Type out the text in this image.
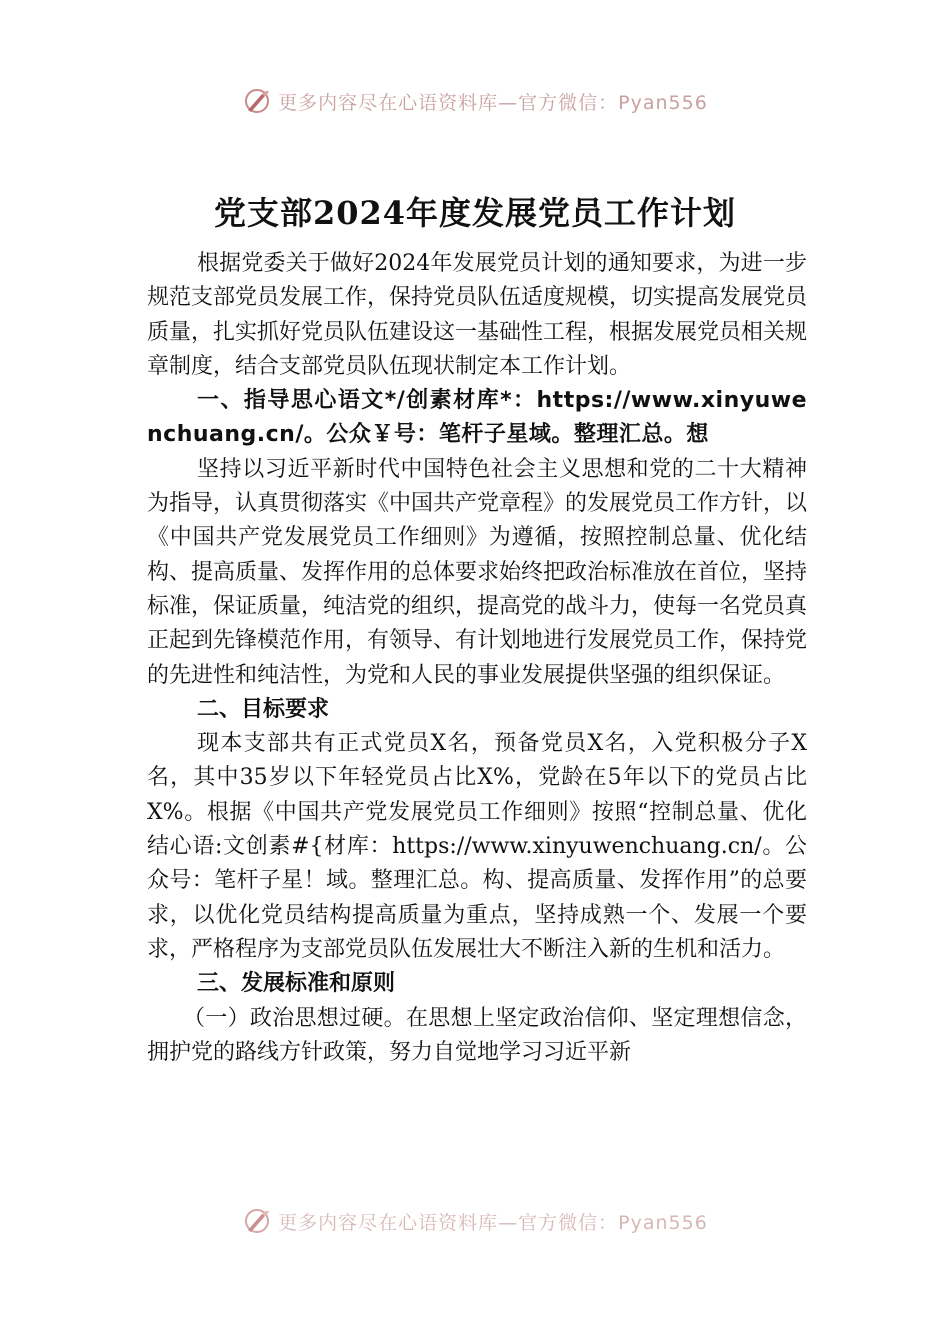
更多内容尽在心语资料库—官方微信：Pyan556
党支部2024年度发展党员工作计划

根据党委关于做好2024年发展党员计划的通知要求，为进一步规范支部党员发展工作，保持党员队伍适度规模，切实提高发展党员质量，扎实抓好党员队伍建设这一基础性工程，根据发展党员相关规章制度，结合支部党员队伍现状制定本工作计划。

一、指导思心语文*/创素材库*：https://www.xinyuwenchuang.cn/。公众￥号：笔杆子星域。整理汇总。想

坚持以习近平新时代中国特色社会主义思想和党的二十大精神为指导，认真贯彻落实《中国共产党章程》的发展党员工作方针，以《中国共产党发展党员工作细则》为遵循，按照控制总量、优化结构、提高质量、发挥作用的总体要求始终把政治标准放在首位，坚持标准，保证质量，纯洁党的组织，提高党的战斗力，使每一名党员真正起到先锋模范作用，有领导、有计划地进行发展党员工作，保持党的先进性和纯洁性，为党和人民的事业发展提供坚强的组织保证。

二、目标要求

现本支部共有正式党员X名，预备党员X名，入党积极分子X名，其中35岁以下年轻党员占比X%，党龄在5年以下的党员占比X%。根据《中国共产党发展党员工作细则》按照“控制总量、优化结心语:文创素#{材库：https://www.xinyuwenchuang.cn/。公众号：笔杆子星！域。整理汇总。构、提高质量、发挥作用”的总要求，以优化党员结构提高质量为重点，坚持成熟一个、发展一个要求，严格程序为支部党员队伍发展壮大不断注入新的生机和活力。

三、发展标准和原则

（一）政治思想过硬。在思想上坚定政治信仰、坚定理想信念，拥护党的路线方针政策，努力自觉地学习习近平新

更多内容尽在心语资料库—官方微信：Pyan556
